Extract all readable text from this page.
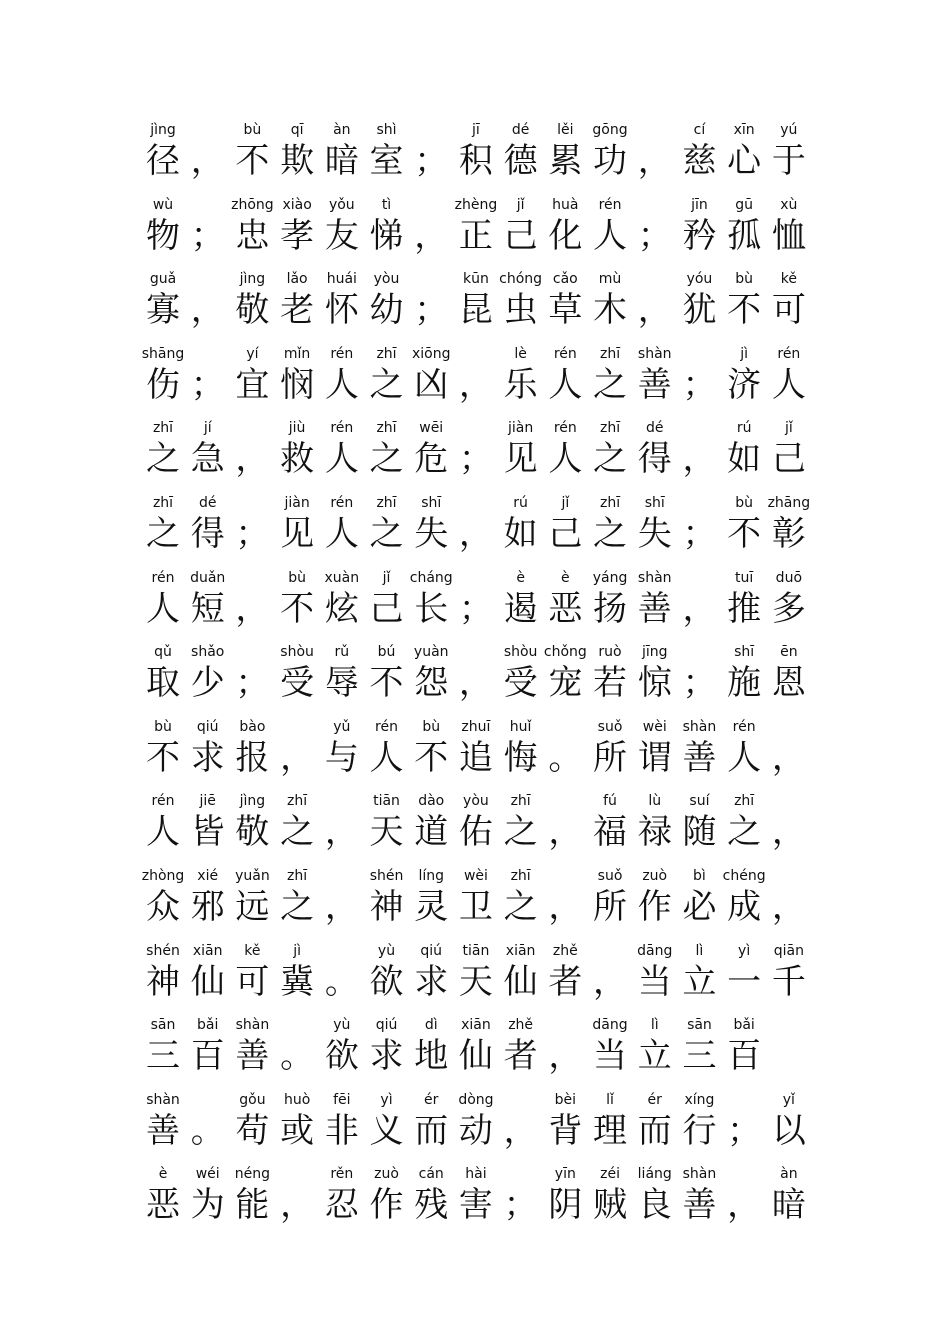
jìng
径 ，
bù
不
qī
欺
àn
暗
shì
室 ；
jī
积
dé
德
lěi
累
gōng
功 ，
cí
慈
xīn
心
yú
于
wù
物 ；
zhōng
忠
xiào
孝
yǒu
友
tì
悌 ，
zhèng
正
jǐ
己
huà
化
rén
人 ；
jīn
矜
gū
孤
xù
恤
guǎ
寡 ，
jìng
敬
lǎo
老
huái
怀
yòu
幼 ；
kūn
昆
chóng
虫
cǎo
草
mù
木 ，
yóu
犹
bù
不
kě
可
shāng
伤 ；
yí
宜
mǐn
悯
rén
人
zhī
之
xiōng
凶 ，
lè
乐
rén
人
zhī
之
shàn
善 ；
jì
济
rén
人
zhī
之
jí
急 ，
jiù
救
rén
人
zhī
之
wēi
危 ；
jiàn
见
rén
人
zhī
之
dé
得 ，
rú
如
jǐ
己
zhī
之
dé
得 ；
jiàn
见
rén
人
zhī
之
shī
失 ，
rú
如
jǐ
己
zhī
之
shī
失 ；
bù
不
zhāng
彰
rén
人
duǎn
短 ，
bù
不
xuàn
炫
jǐ
己
cháng
长 ；
è
遏
è
恶
yáng
扬
shàn
善 ，
tuī
推
duō
多
qǔ
取
shǎo
少 ；
shòu
受
rǔ
辱
bú
不
yuàn
怨 ，
shòu
受
chǒng
宠
ruò
若
jīng
惊 ；
shī
施
ēn
恩
bù
不
qiú
求
bào
报 ，
yǔ
与
rén
人
bù
不
zhuī
追
huǐ
悔 。
suǒ
所
wèi
谓
shàn
善
rén
人 ，
rén
人
jiē
皆
jìng
敬
zhī
之 ，
tiān
天
dào
道
yòu
佑
zhī
之 ，
fú
福
lù
禄
suí
随
zhī
之 ，
zhòng
众
xié
邪
yuǎn
远
zhī
之 ，
shén
神
líng
灵
wèi
卫
zhī
之 ，
suǒ
所
zuò
作
bì
必
chéng
成 ，
shén
神
xiān
仙
kě
可
jì
冀 。
yù
欲
qiú
求
tiān
天
xiān
仙
zhě
者 ，
dāng
当
lì
立
yì
一
qiān
千
sān
三
bǎi
百
shàn
善 。
yù
欲
qiú
求
dì
地
xiān
仙
zhě
者 ，
dāng
当
lì
立
sān
三
bǎi
百
shàn
善 。
gǒu
苟
huò
或
fēi
非
yì
义
ér
而
dòng
动 ，
bèi
背
lǐ
理
ér
而
xíng
行 ；
yǐ
以
è
恶
wéi
为
néng
能 ，
rěn
忍
zuò
作
cán
残
hài
害 ；
yīn
阴
zéi
贼
liáng
良
shàn
善 ，
àn
暗
